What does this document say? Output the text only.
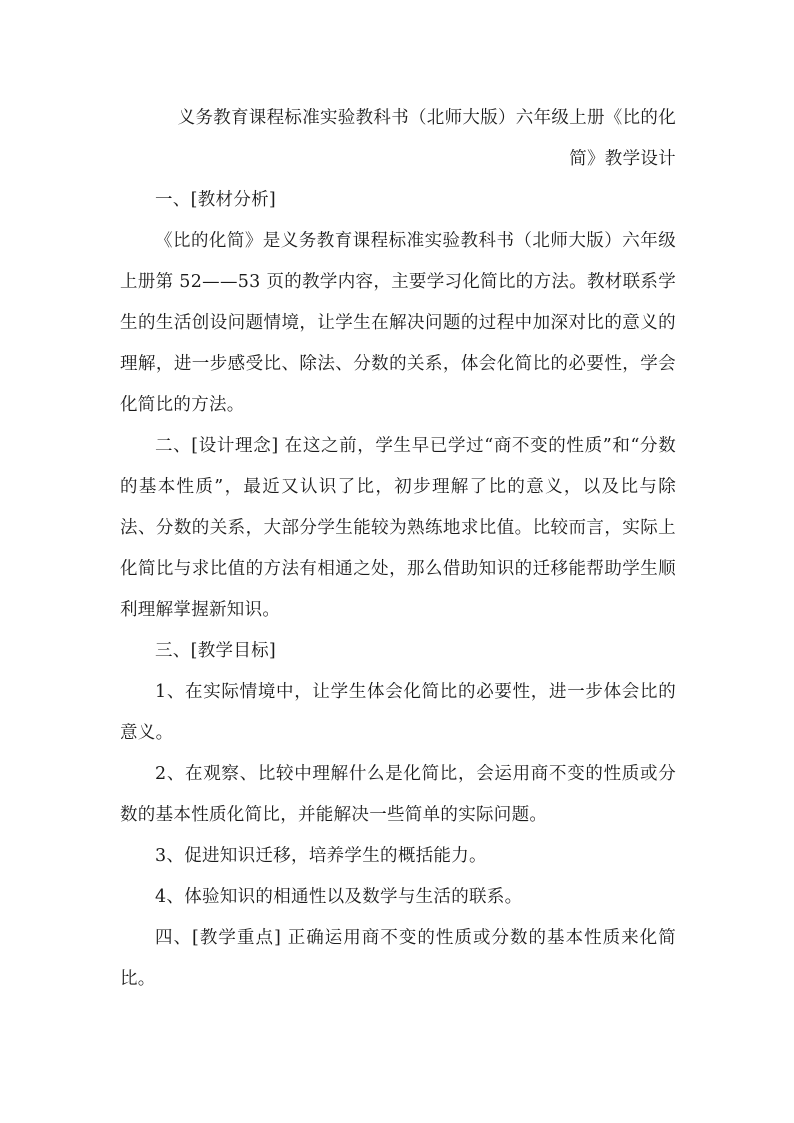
义务教育课程标准实验教科书（北师大版）六年级上册《比的化

简》教学设计

一、[教材分析]

《比的化简》是义务教育课程标准实验教科书（北师大版）六年级上册第 52——53 页的教学内容，主要学习化简比的方法。教材联系学生的生活创设问题情境，让学生在解决问题的过程中加深对比的意义的理解，进一步感受比、除法、分数的关系，体会化简比的必要性，学会化简比的方法。

二、[设计理念] 在这之前，学生早已学过“商不变的性质”和“分数的基本性质”，最近又认识了比，初步理解了比的意义，以及比与除法、分数的关系，大部分学生能较为熟练地求比值。比较而言，实际上化简比与求比值的方法有相通之处，那么借助知识的迁移能帮助学生顺利理解掌握新知识。

三、[教学目标]

1、在实际情境中，让学生体会化简比的必要性，进一步体会比的意义。

2、在观察、比较中理解什么是化简比，会运用商不变的性质或分数的基本性质化简比，并能解决一些简单的实际问题。

3、促进知识迁移，培养学生的概括能力。

4、体验知识的相通性以及数学与生活的联系。

四、[教学重点] 正确运用商不变的性质或分数的基本性质来化简比。
